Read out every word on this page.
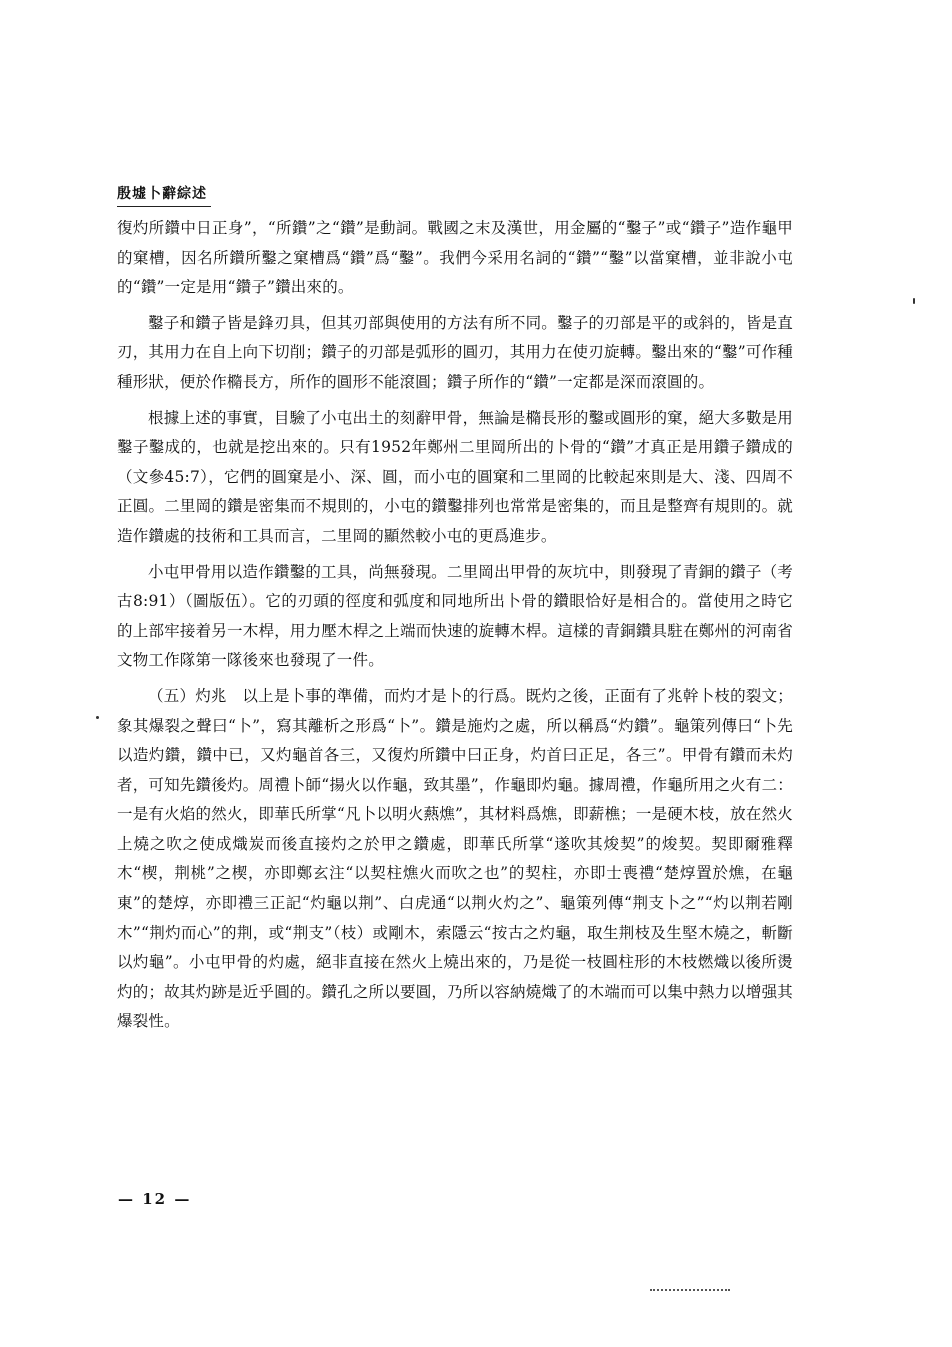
殷墟卜辭綜述

復灼所鑽中日正身”，“所鑽”之“鑽”是動詞。戰國之末及漢世，用金屬的“鑿子”或“鑽子”造作龜甲的窠槽，因名所鑽所鑿之窠槽爲“鑽”爲“鑿”。我們今采用名詞的“鑽”“鑿”以當窠槽，並非說小屯的“鑽”一定是用“鑽子”鑽出來的。

鑿子和鑽子皆是鋒刃具，但其刃部與使用的方法有所不同。鑿子的刃部是平的或斜的，皆是直刃，其用力在自上向下切削；鑽子的刃部是弧形的圓刃，其用力在使刃旋轉。鑿出來的“鑿”可作種種形狀，便於作橢長方，所作的圓形不能滾圓；鑽子所作的“鑽”一定都是深而滾圓的。

根據上述的事實，目驗了小屯出土的刻辭甲骨，無論是橢長形的鑿或圓形的窠，絕大多數是用鑿子鑿成的，也就是挖出來的。只有1952年鄭州二里岡所出的卜骨的“鑽”才真正是用鑽子鑽成的（文參45:7），它們的圓窠是小、深、圓，而小屯的圓窠和二里岡的比較起來則是大、淺、四周不正圓。二里岡的鑽是密集而不規則的，小屯的鑽鑿排列也常常是密集的，而且是整齊有規則的。就造作鑽處的技術和工具而言，二里岡的顯然較小屯的更爲進步。

小屯甲骨用以造作鑽鑿的工具，尚無發現。二里岡出甲骨的灰坑中，則發現了青銅的鑽子（考古8:91）（圖版伍）。它的刃頭的徑度和弧度和同地所出卜骨的鑽眼恰好是相合的。當使用之時它的上部牢接着另一木桿，用力壓木桿之上端而快速的旋轉木桿。這樣的青銅鑽具駐在鄭州的河南省文物工作隊第一隊後來也發現了一件。

（五）灼兆　以上是卜事的準備，而灼才是卜的行爲。既灼之後，正面有了兆幹卜枝的裂文；象其爆裂之聲曰“卜”，寫其離析之形爲“卜”。鑽是施灼之處，所以稱爲“灼鑽”。龜策列傳曰“卜先以造灼鑽，鑽中已，又灼龜首各三，又復灼所鑽中曰正身，灼首曰正足，各三”。甲骨有鑽而未灼者，可知先鑽後灼。周禮卜師“揚火以作龜，致其墨”，作龜即灼龜。據周禮，作龜所用之火有二：一是有火焰的然火，即華氏所掌“凡卜以明火爇燋”，其材料爲燋，即薪樵；一是硬木枝，放在然火上燒之吹之使成熾炭而後直接灼之於甲之鑽處，即華氏所掌“遂吹其焌契”的焌契。契即爾雅釋木“楔，荆桃”之楔，亦即鄭玄注“以契柱燋火而吹之也”的契柱，亦即士喪禮“楚焞置於燋，在龜東”的楚焞，亦即禮三正記“灼龜以荆”、白虎通“以荆火灼之”、龜策列傳“荆支卜之”“灼以荆若剛木”“荆灼而心”的荆，或“荆支”（枝）或剛木，索隱云“按古之灼龜，取生荆枝及生堅木燒之，斬斷以灼龜”。小屯甲骨的灼處，絕非直接在然火上燒出來的，乃是從一枝圓柱形的木枝燃熾以後所燙灼的；故其灼跡是近乎圓的。鑽孔之所以要圓，乃所以容納燒熾了的木端而可以集中熱力以增强其爆裂性。

— 12 —
